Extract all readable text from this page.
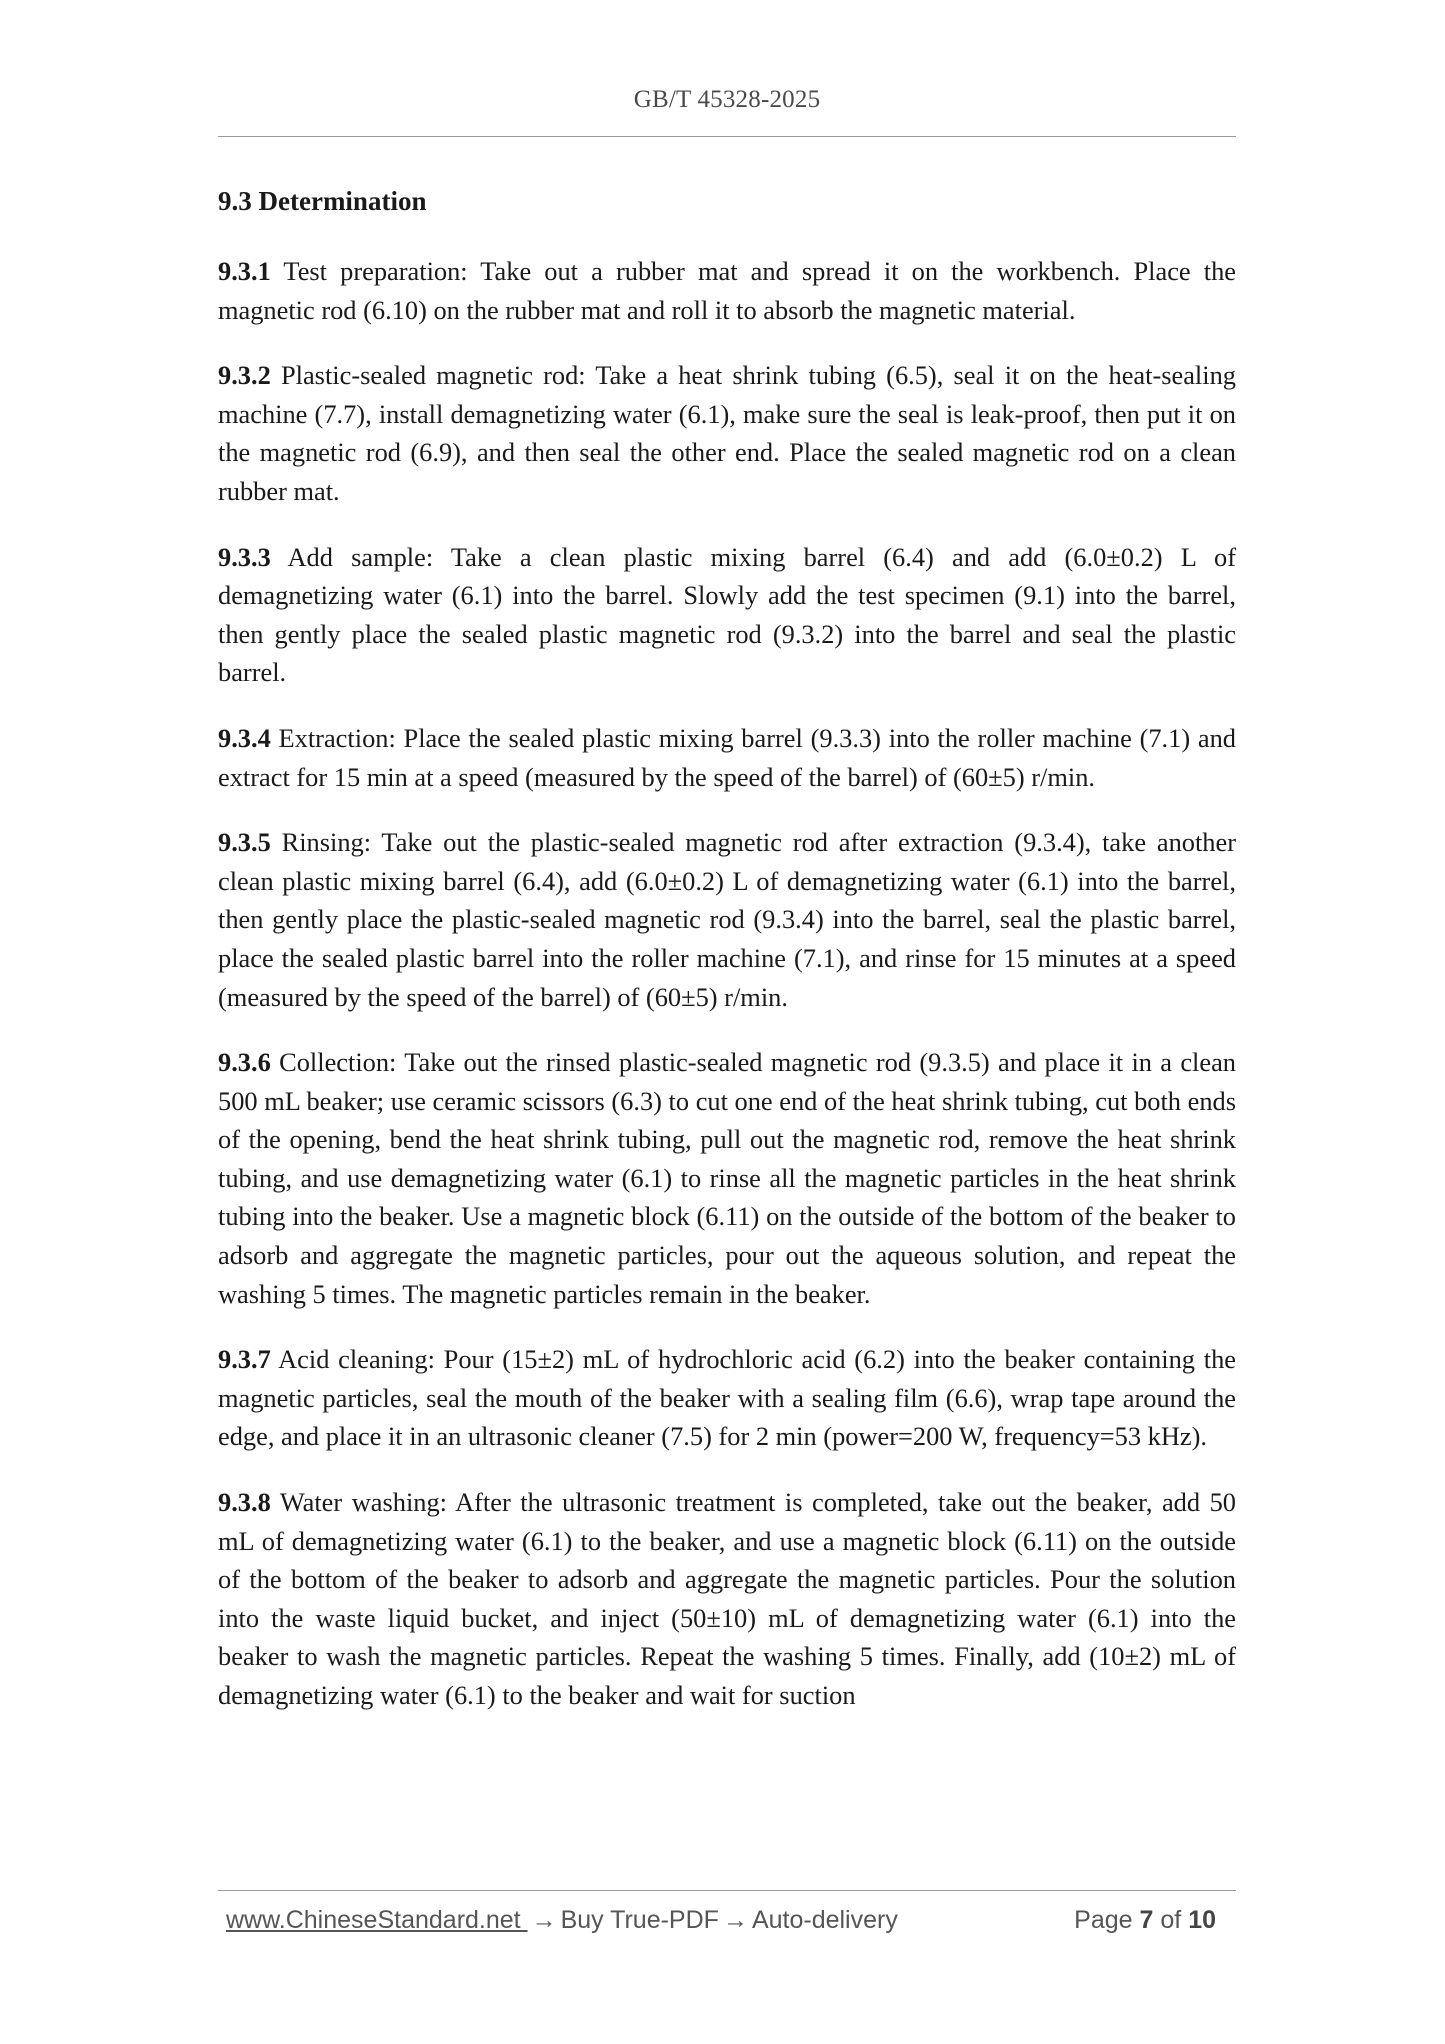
GB/T 45328-2025
9.3 Determination

9.3.1 Test preparation: Take out a rubber mat and spread it on the workbench. Place the magnetic rod (6.10) on the rubber mat and roll it to absorb the magnetic material.

9.3.2 Plastic-sealed magnetic rod: Take a heat shrink tubing (6.5), seal it on the heat-sealing machine (7.7), install demagnetizing water (6.1), make sure the seal is leak-proof, then put it on the magnetic rod (6.9), and then seal the other end. Place the sealed magnetic rod on a clean rubber mat.

9.3.3 Add sample: Take a clean plastic mixing barrel (6.4) and add (6.0±0.2) L of demagnetizing water (6.1) into the barrel. Slowly add the test specimen (9.1) into the barrel, then gently place the sealed plastic magnetic rod (9.3.2) into the barrel and seal the plastic barrel.

9.3.4 Extraction: Place the sealed plastic mixing barrel (9.3.3) into the roller machine (7.1) and extract for 15 min at a speed (measured by the speed of the barrel) of (60±5) r/min.

9.3.5 Rinsing: Take out the plastic-sealed magnetic rod after extraction (9.3.4), take another clean plastic mixing barrel (6.4), add (6.0±0.2) L of demagnetizing water (6.1) into the barrel, then gently place the plastic-sealed magnetic rod (9.3.4) into the barrel, seal the plastic barrel, place the sealed plastic barrel into the roller machine (7.1), and rinse for 15 minutes at a speed (measured by the speed of the barrel) of (60±5) r/min.

9.3.6 Collection: Take out the rinsed plastic-sealed magnetic rod (9.3.5) and place it in a clean 500 mL beaker; use ceramic scissors (6.3) to cut one end of the heat shrink tubing, cut both ends of the opening, bend the heat shrink tubing, pull out the magnetic rod, remove the heat shrink tubing, and use demagnetizing water (6.1) to rinse all the magnetic particles in the heat shrink tubing into the beaker. Use a magnetic block (6.11) on the outside of the bottom of the beaker to adsorb and aggregate the magnetic particles, pour out the aqueous solution, and repeat the washing 5 times. The magnetic particles remain in the beaker.

9.3.7 Acid cleaning: Pour (15±2) mL of hydrochloric acid (6.2) into the beaker containing the magnetic particles, seal the mouth of the beaker with a sealing film (6.6), wrap tape around the edge, and place it in an ultrasonic cleaner (7.5) for 2 min (power=200 W, frequency=53 kHz).

9.3.8 Water washing: After the ultrasonic treatment is completed, take out the beaker, add 50 mL of demagnetizing water (6.1) to the beaker, and use a magnetic block (6.11) on the outside of the bottom of the beaker to adsorb and aggregate the magnetic particles. Pour the solution into the waste liquid bucket, and inject (50±10) mL of demagnetizing water (6.1) into the beaker to wash the magnetic particles. Repeat the washing 5 times. Finally, add (10±2) mL of demagnetizing water (6.1) to the beaker and wait for suction

www.ChineseStandard.net → Buy True-PDF → Auto-delivery	Page 7 of 10
